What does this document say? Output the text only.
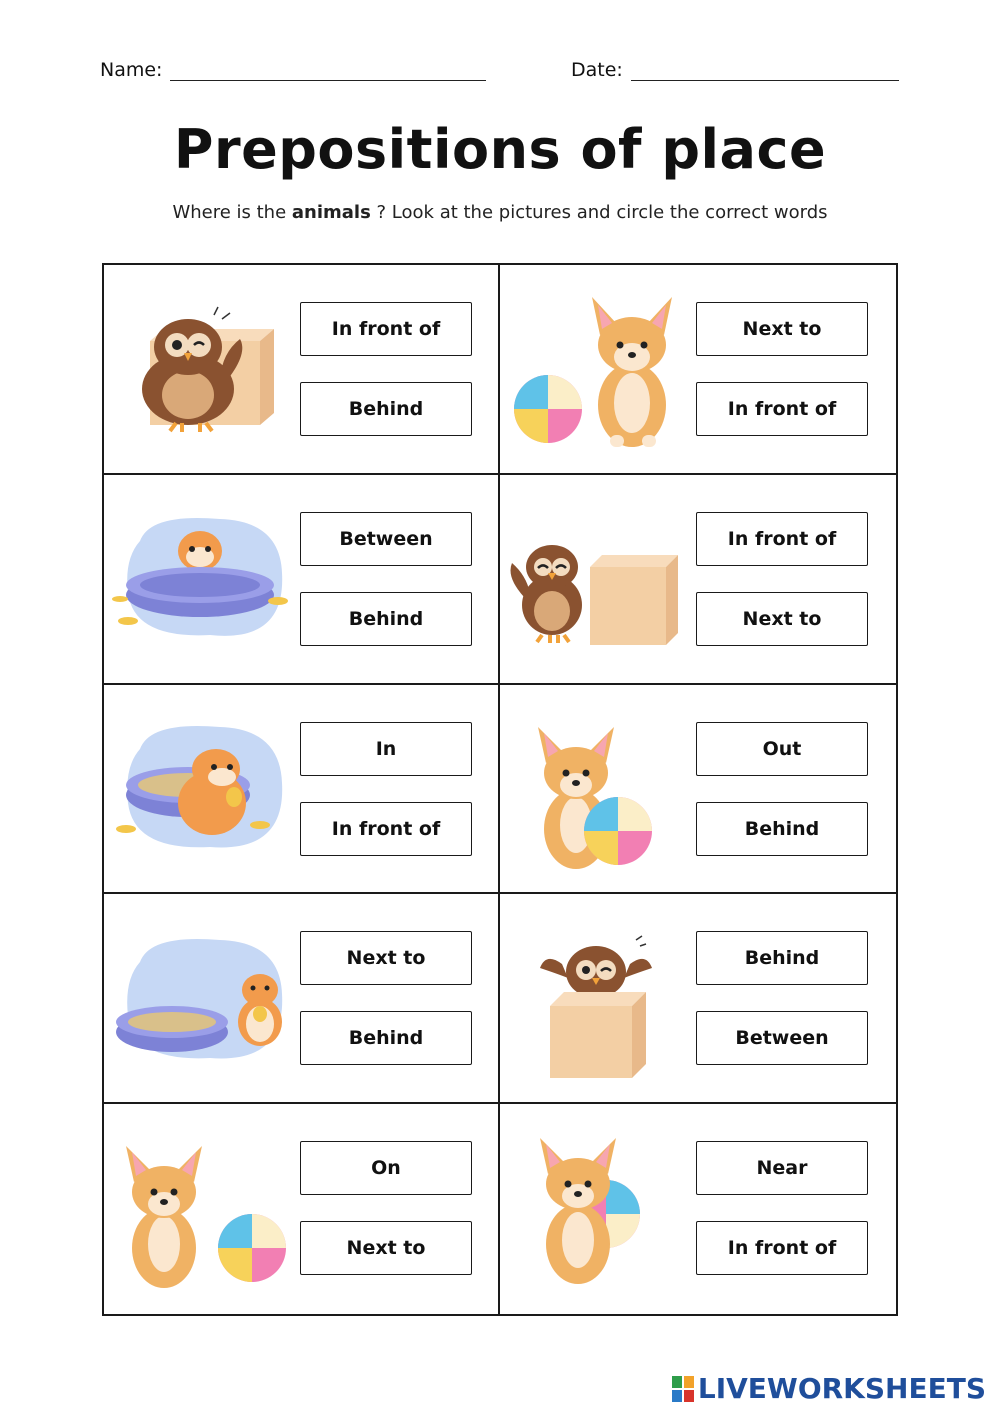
Name:	Date:
Prepositions of place
Where is the animals ? Look at the pictures and circle the correct words
In front of
Behind
Next to
In front of
Between
Behind
In front of
Next to
In
In front of
Out
Behind
Next to
Behind
Behind
Between
On
Next to
Near
In front of
LIVEWORKSHEETS
